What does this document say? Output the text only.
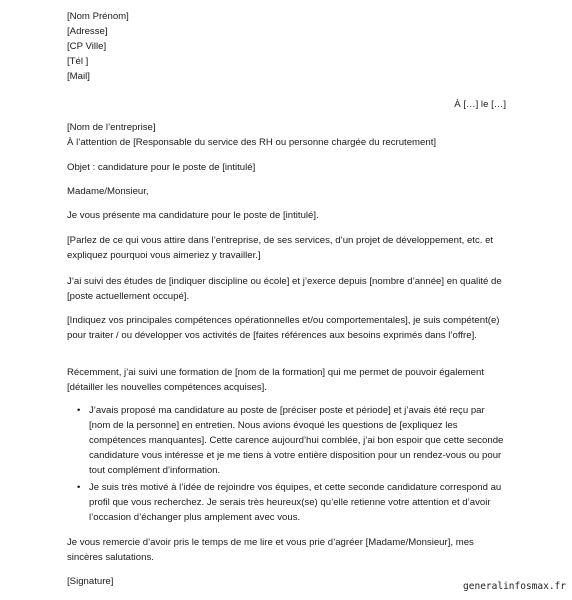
[Nom Prénom]
[Adresse]
[CP Ville]
[Tél ]
[Mail]
À […] le […]
[Nom de l’entreprise]
À l’attention de [Responsable du service des RH ou personne chargée du recrutement]

Objet : candidature pour le poste de [intitulé]

Madame/Monsieur,

Je vous présente ma candidature pour le poste de [intitulé].

[Parlez de ce qui vous attire dans l’entreprise, de ses services, d’un projet de développement, etc. et expliquez pourquoi vous aimeriez y travailler.]

J’ai suivi des études de [indiquer discipline ou école] et j’exerce depuis [nombre d’année] en qualité de [poste actuellement occupé].

[Indiquez vos principales compétences opérationnelles et/ou comportementales], je suis compétent(e) pour traiter / ou développer vos activités de [faites références aux besoins exprimés dans l’offre].

Récemment, j’ai suivi une formation de [nom de la formation] qui me permet de pouvoir également [détailler les nouvelles compétences acquises].

• J’avais proposé ma candidature au poste de [préciser poste et période] et j’avais été reçu par [nom de la personne] en entretien. Nous avions évoqué les questions de [expliquez les compétences manquantes]. Cette carence aujourd’hui comblée, j’ai bon espoir que cette seconde candidature vous intéresse et je me tiens à votre entière disposition pour un rendez-vous ou pour tout complément d’information.
• Je suis très motivé à l’idée de rejoindre vos équipes, et cette seconde candidature correspond au profil que vous recherchez. Je serais très heureux(se) qu’elle retienne votre attention et d’avoir l’occasion d’échanger plus amplement avec vous.

Je vous remercie d’avoir pris le temps de me lire et vous prie d’agréer [Madame/Monsieur], mes sincères salutations.

[Signature]	generalinfosmax.fr
